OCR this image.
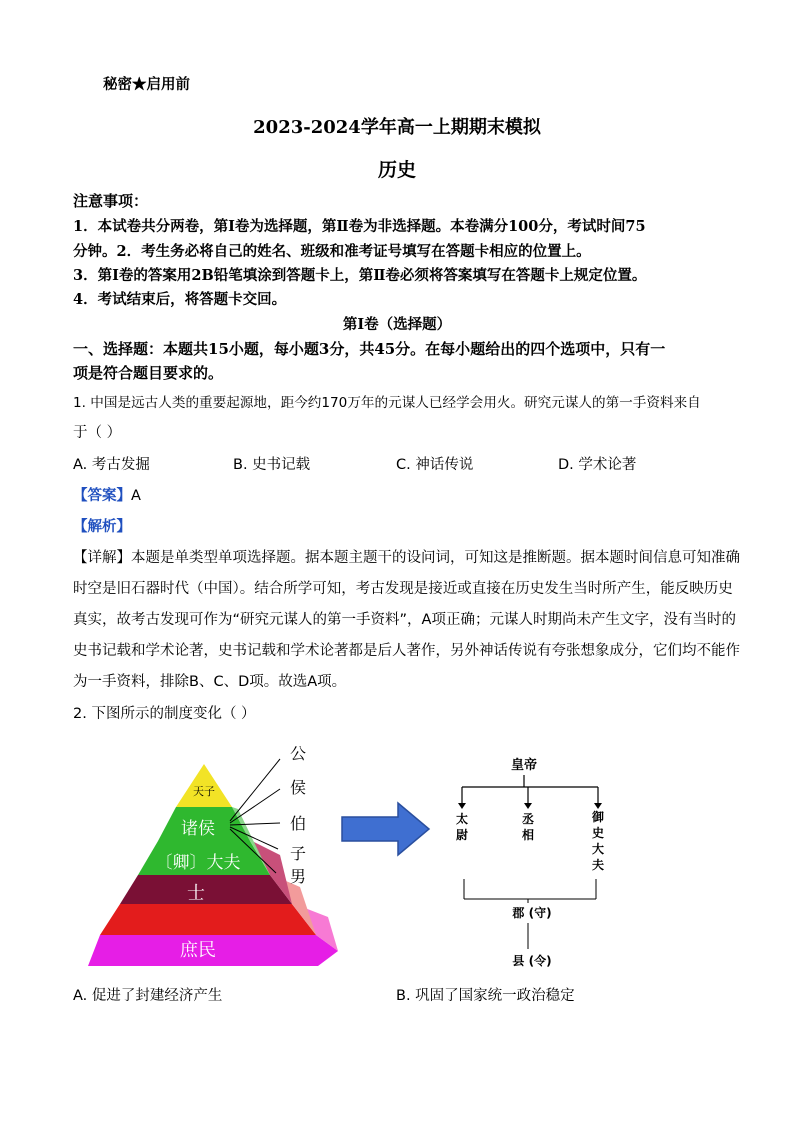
秘密★启用前
2023-2024学年高一上期期末模拟
历史
注意事项：
1．本试卷共分两卷，第Ⅰ卷为选择题，第Ⅱ卷为非选择题。本卷满分100分，考试时间75
分钟。2．考生务必将自己的姓名、班级和准考证号填写在答题卡相应的位置上。
3．第Ⅰ卷的答案用2B铅笔填涂到答题卡上，第Ⅱ卷必须将答案填写在答题卡上规定位置。
4．考试结束后，将答题卡交回。
第Ⅰ卷（选择题）
一、选择题：本题共15小题，每小题3分，共45分。在每小题给出的四个选项中，只有一
项是符合题目要求的。
1. 中国是远古人类的重要起源地，距今约170万年的元谋人已经学会用火。研究元谋人的第一手资料来自
于（ ）
A. 考古发掘	B. 史书记载	C. 神话传说	D. 学术论著
【答案】A
【解析】
【详解】本题是单类型单项选择题。据本题主题干的设问词，可知这是推断题。据本题时间信息可知准确
时空是旧石器时代（中国）。结合所学可知，考古发现是接近或直接在历史发生当时所产生，能反映历史
真实，故考古发现可作为“研究元谋人的第一手资料”，A项正确；元谋人时期尚未产生文字，没有当时的
史书记载和学术论著，史书记载和学术论著都是后人著作，另外神话传说有夸张想象成分，它们均不能作
为一手资料，排除B、C、D项。故选A项。
2. 下图所示的制度变化（ ）
天子
诸侯
〔卿〕大夫
士
庶民
公
侯
伯
子
男
皇帝
太
尉
丞
相
御
史
大
夫
郡 (守)
县 (令)
A. 促进了封建经济产生	B. 巩固了国家统一政治稳定
